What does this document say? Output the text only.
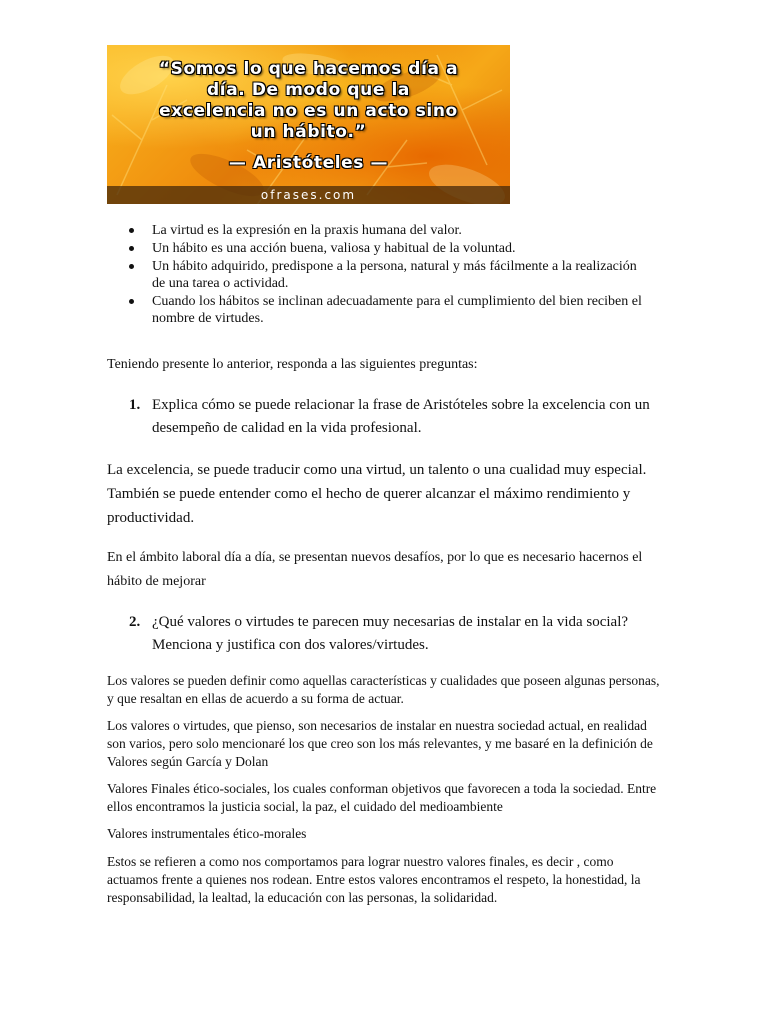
“Somos lo que hacemos día a
día. De modo que la
excelencia no es un acto sino
un hábito.”
— Aristóteles —
ofrases.com
La virtud es la expresión en la praxis humana del valor.
Un hábito es una acción buena, valiosa y habitual de la voluntad.
Un hábito adquirido, predispone a la persona, natural y más fácilmente a la realización de una tarea o actividad.
Cuando los hábitos se inclinan adecuadamente para el cumplimiento del bien reciben el nombre de virtudes.
Teniendo presente lo anterior, responda a las siguientes preguntas:
1. Explica cómo se puede relacionar la frase de Aristóteles sobre la excelencia con un desempeño de calidad en la vida profesional.
La excelencia, se puede traducir como una virtud, un talento o una cualidad muy especial. También se puede entender como el hecho de querer alcanzar el máximo rendimiento y productividad.
En el ámbito laboral día a día, se presentan nuevos desafíos, por lo que es necesario hacernos el hábito de mejorar
2. ¿Qué valores o virtudes te parecen muy necesarias de instalar en la vida social? Menciona y justifica con dos valores/virtudes.
Los valores se pueden definir como aquellas características y cualidades que poseen algunas personas, y que resaltan en ellas de acuerdo a su forma de actuar.
Los valores o virtudes, que pienso, son necesarios de instalar en nuestra sociedad actual, en realidad son varios, pero solo mencionaré los que creo son los más relevantes, y me basaré en la definición de Valores según García y Dolan
Valores Finales ético-sociales, los cuales conforman objetivos que favorecen a toda la sociedad. Entre ellos encontramos la justicia social, la paz, el cuidado del medioambiente
Valores instrumentales ético-morales
Estos se refieren a como nos comportamos para lograr nuestro valores finales, es decir , como actuamos frente a quienes nos rodean. Entre estos valores encontramos el respeto, la honestidad, la responsabilidad, la lealtad, la educación con las personas, la solidaridad.
